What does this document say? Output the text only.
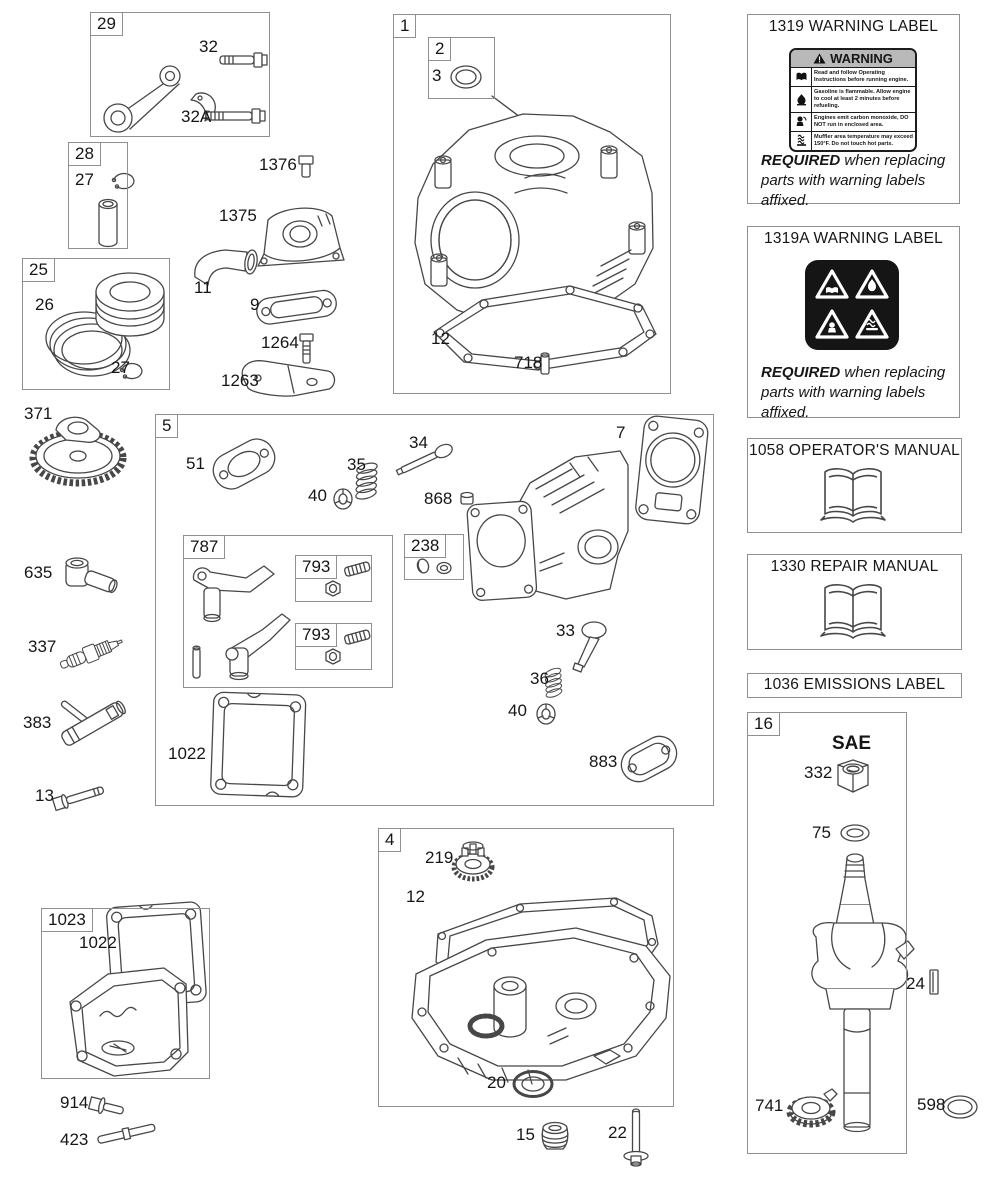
29
28
25
1
2
5
787
793
793
238
4
1023
16
1319 WARNING LABEL
WARNING
Read and follow Operating Instructions before running engine.
Gasoline is flammable. Allow engine to cool at least 2 minutes before refueling.
Engines emit carbon monoxide, DO NOT run in enclosed area.
Muffler area temperature may exceed 150°F. Do not touch hot parts.
REQUIRED when replacing parts with warning labels affixed.
1319A WARNING LABEL
REQUIRED when replacing parts with warning labels affixed.
1058 OPERATOR'S MANUAL
1330 REPAIR MANUAL
1036 EMISSIONS LABEL
32
32A
27
26
27
371
1376
1375
11
9
1264
1263
3
12
718
51
40
35
34
868
7
33
36
40
883
1022
635
337
383
13
219
12
20
1022
914
423	15	22
SAE
332
75
24
741	598
